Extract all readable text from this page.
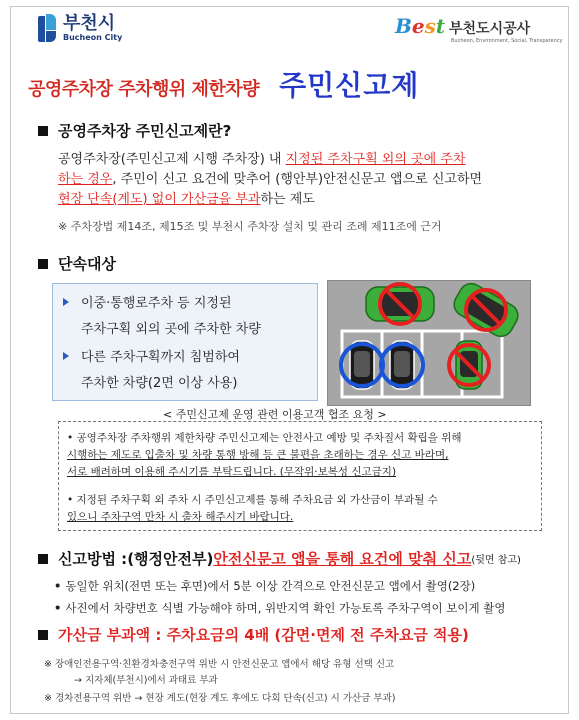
부천시
Bucheon City	Best 부천도시공사
Bucheon, Environment, Social, Transparency
공영주차장 주차행위 제한차량 주민신고제
공영주차장 주민신고제란?
공영주차장(주민신고제 시행 주차장) 내 지정된 주차구획 외의 곳에 주차
하는 경우, 주민이 신고 요건에 맞추어 (행안부)안전신문고 앱으로 신고하면
현장 단속(계도) 없이 가산금을 부과하는 제도
※ 주차장법 제14조, 제15조 및 부천시 주차장 설치 및 관리 조례 제11조에 근거
단속대상
이중·통행로주차 등 지정된
주차구획 외의 곳에 주차한 차량
다른 주차구획까지 침범하여
주차한 차량(2면 이상 사용)
< 주민신고제 운영 관련 이용고객 협조 요청 >
• 공영주차장 주차행위 제한차량 주민신고제는 안전사고 예방 및 주차질서 확립을 위해
시행하는 제도로 입출차 및 차량 통행 방해 등 큰 불편을 초래하는 경우 신고 바라며,
서로 배려하며 이용해 주시기를 부탁드립니다. (무작위·보복성 신고금지)
• 지정된 주차구획 외 주차 시 주민신고제를 통해 주차요금 외 가산금이 부과될 수
있으니 주차구역 만차 시 출차 해주시기 바랍니다.
신고방법 : (행정안전부) 안전신문고 앱을 통해 요건에 맞춰 신고 (뒷면 참고)
• 동일한 위치(전면 또는 후면)에서 5분 이상 간격으로 안전신문고 앱에서 촬영(2장)
• 사진에서 차량번호 식별 가능해야 하며, 위반지역 확인 가능토록 주차구역이 보이게 촬영
가산금 부과액 : 주차요금의 4배 (감면·면제 전 주차요금 적용)
※ 장애인전용구역·친환경차충전구역 위반 시 안전신문고 앱에서 해당 유형 선택 신고
→ 지자체(부천시)에서 과태료 부과
※ 경차전용구역 위반 → 현장 계도(현장 계도 후에도 다회 단속(신고) 시 가산금 부과)
